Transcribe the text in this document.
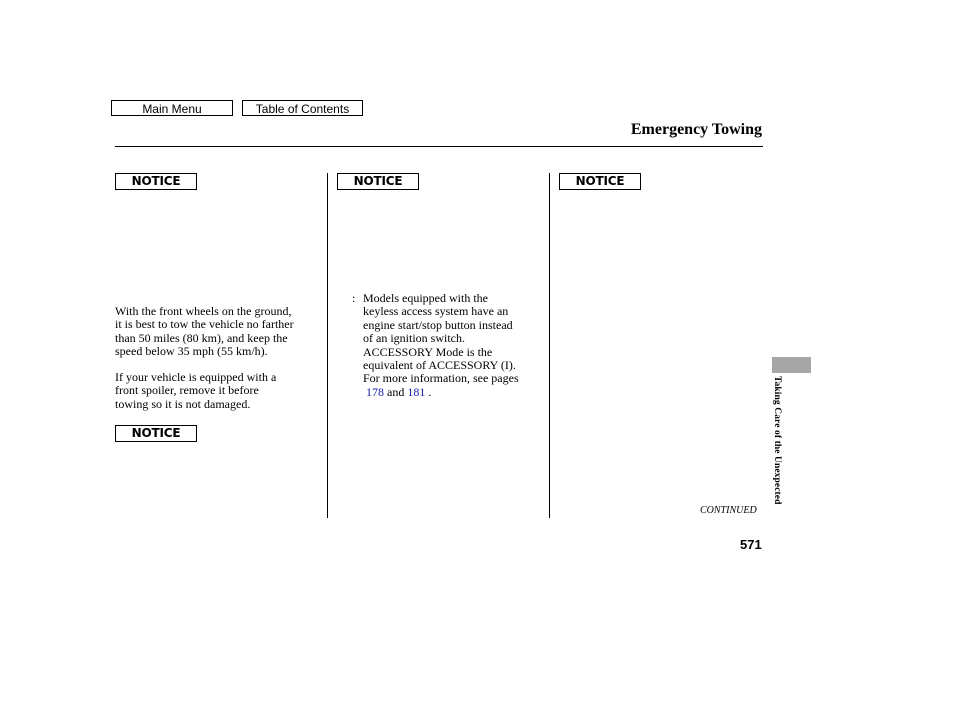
Main Menu	Table of Contents
Emergency Towing
NOTICE	NOTICE	NOTICE
NOTICE
With the front wheels on the ground,
it is best to tow the vehicle no farther
than 50 miles (80 km), and keep the
speed below 35 mph (55 km/h).
If your vehicle is equipped with a
front spoiler, remove it before
towing so it is not damaged.
: Models equipped with the
keyless access system have an
engine start/stop button instead
of an ignition switch.
ACCESSORY Mode is the
equivalent of ACCESSORY (I).
For more information, see pages
178 and 181 .
CONTINUED
571
Taking Care of the Unexpected
